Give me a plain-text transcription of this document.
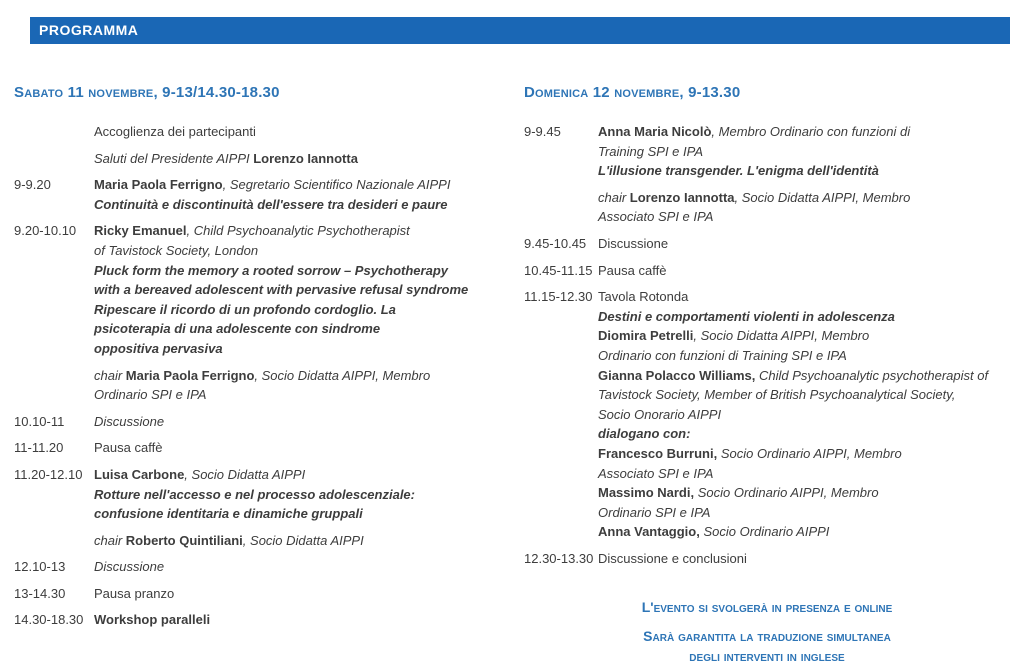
PROGRAMMA
Sabato 11 novembre, 9-13/14.30-18.30
Accoglienza dei partecipanti
Saluti del Presidente AIPPI Lorenzo Iannotta
9-9.20	Maria Paola Ferrigno, Segretario Scientifico Nazionale AIPPI
Continuità e discontinuità dell'essere tra desideri e paure
9.20-10.10	Ricky Emanuel, Child Psychoanalytic Psychotherapist
of Tavistock Society, London
Pluck form the memory a rooted sorrow – Psychotherapy
with a bereaved adolescent with pervasive refusal syndrome
Ripescare il ricordo di un profondo cordoglio. La
psicoterapia di una adolescente con sindrome
oppositiva pervasiva
chair Maria Paola Ferrigno, Socio Didatta AIPPI, Membro
Ordinario SPI e IPA
10.10-11	Discussione
11-11.20	Pausa caffè
11.20-12.10 Luisa Carbone, Socio Didatta AIPPI
Rotture nell'accesso e nel processo adolescenziale:
confusione identitaria e dinamiche gruppali
chair Roberto Quintiliani, Socio Didatta AIPPI
12.10-13	Discussione
13-14.30	Pausa pranzo
14.30-18.30 Workshop paralleli
Domenica 12 novembre, 9-13.30
9-9.45	Anna Maria Nicolò, Membro Ordinario con funzioni di
Training SPI e IPA
L'illusione transgender. L'enigma dell'identità
chair Lorenzo Iannotta, Socio Didatta AIPPI, Membro
Associato SPI e IPA
9.45-10.45 Discussione
10.45-11.15 Pausa caffè
11.15-12.30 Tavola Rotonda
Destini e comportamenti violenti in adolescenza
Diomira Petrelli, Socio Didatta AIPPI, Membro
Ordinario con funzioni di Training SPI e IPA
Gianna Polacco Williams, Child Psychoanalytic psychotherapist of
Tavistock Society, Member of British Psychoanalytical Society,
Socio Onorario AIPPI
dialogano con:
Francesco Burruni, Socio Ordinario AIPPI, Membro
Associato SPI e IPA
Massimo Nardi, Socio Ordinario AIPPI, Membro
Ordinario SPI e IPA
Anna Vantaggio, Socio Ordinario AIPPI
12.30-13.30 Discussione e conclusioni
L'evento si svolgerà in presenza e online
Sarà garantita la traduzione simultanea
degli interventi in inglese
